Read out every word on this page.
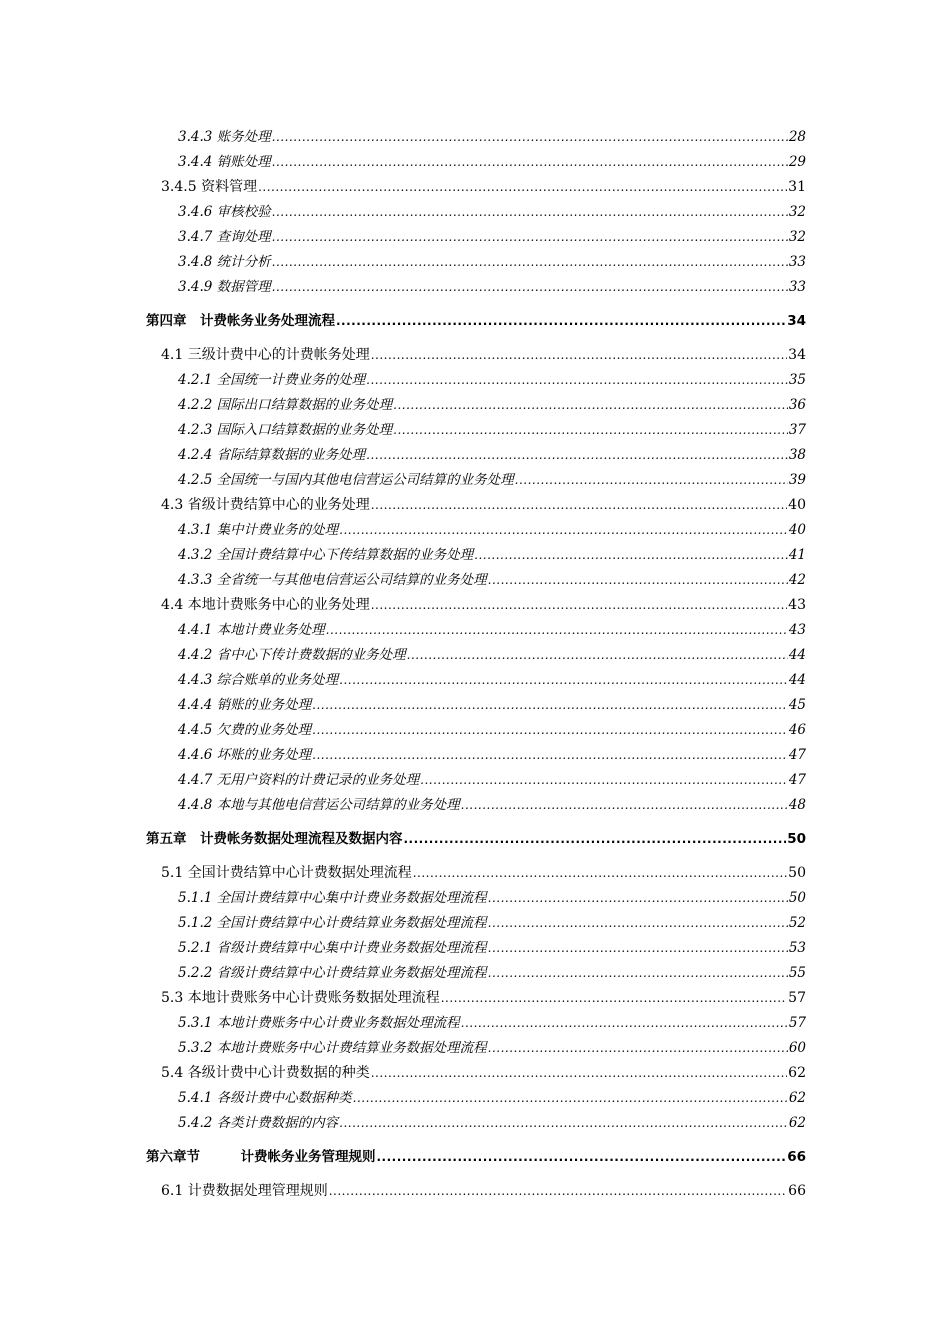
3.4.3 账务处理 .....	28
3.4.4 销账处理 .....	29
3.4.5 资料管理 .....	31
3.4.6 审核校验 .....	32
3.4.7 查询处理 .....	32
3.4.8 统计分析 .....	33
3.4.9 数据管理 .....	33
第四章　计费帐务业务处理流程 .....	34
4.1 三级计费中心的计费帐务处理 .....	34
4.2.1 全国统一计费业务的处理 .....	35
4.2.2 国际出口结算数据的业务处理 .....	36
4.2.3 国际入口结算数据的业务处理 .....	37
4.2.4 省际结算数据的业务处理 .....	38
4.2.5 全国统一与国内其他电信营运公司结算的业务处理 .....	39
4.3 省级计费结算中心的业务处理 .....	40
4.3.1 集中计费业务的处理 .....	40
4.3.2 全国计费结算中心下传结算数据的业务处理 .....	41
4.3.3 全省统一与其他电信营运公司结算的业务处理 .....	42
4.4 本地计费账务中心的业务处理 .....	43
4.4.1 本地计费业务处理 .....	43
4.4.2 省中心下传计费数据的业务处理 .....	44
4.4.3 综合账单的业务处理 .....	44
4.4.4 销账的业务处理 .....	45
4.4.5 欠费的业务处理 .....	46
4.4.6 坏账的业务处理 .....	47
4.4.7 无用户资料的计费记录的业务处理 .....	47
4.4.8 本地与其他电信营运公司结算的业务处理 .....	48
第五章　计费帐务数据处理流程及数据内容 .....	50
5.1 全国计费结算中心计费数据处理流程 .....	50
5.1.1 全国计费结算中心集中计费业务数据处理流程 .....	50
5.1.2 全国计费结算中心计费结算业务数据处理流程 .....	52
5.2.1 省级计费结算中心集中计费业务数据处理流程 .....	53
5.2.2 省级计费结算中心计费结算业务数据处理流程 .....	55
5.3 本地计费账务中心计费账务数据处理流程 .....	57
5.3.1 本地计费账务中心计费业务数据处理流程 .....	57
5.3.2 本地计费账务中心计费结算业务数据处理流程 .....	60
5.4 各级计费中心计费数据的种类 .....	62
5.4.1 各级计费中心数据种类 .....	62
5.4.2 各类计费数据的内容 .....	62
第六章节　　　计费帐务业务管理规则 .....	66
6.1 计费数据处理管理规则 .....	66
